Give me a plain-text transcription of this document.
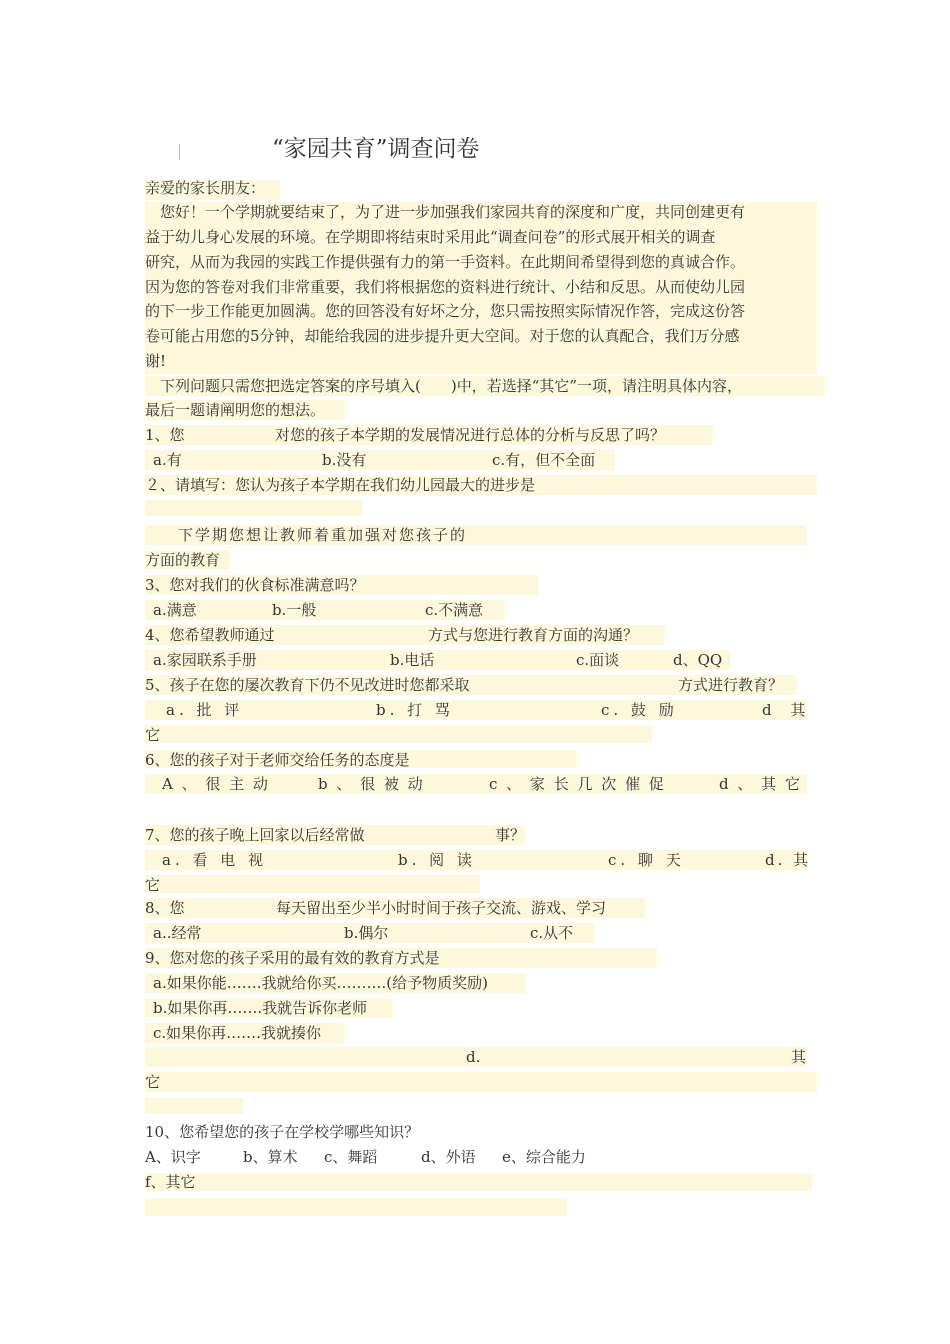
“家园共育”调查问卷
亲爱的家长朋友：
　您好！一个学期就要结束了，为了进一步加强我们家园共育的深度和广度，共同创建更有
益于幼儿身心发展的环境。在学期即将结束时采用此“调查问卷”的形式展开相关的调查
研究，从而为我园的实践工作提供强有力的第一手资料。在此期间希望得到您的真诚合作。
因为您的答卷对我们非常重要，我们将根据您的资料进行统计、小结和反思。从而使幼儿园
的下一步工作能更加圆满。您的回答没有好坏之分，您只需按照实际情况作答，完成这份答
卷可能占用您的5分钟，却能给我园的进步提升更大空间。对于您的认真配合，我们万分感
谢!
　下列问题只需您把选定答案的序号填入(　　)中，若选择“其它”一项，请注明具体内容，
最后一题请阐明您的想法。
1、您	对您的孩子本学期的发展情况进行总体的分析与反思了吗？
a.有	b.没有	c.有，但不全面
２、请填写：您认为孩子本学期在我们幼儿园最大的进步是
下学期您想让教师着重加强对您孩子的
方面的教育
3、您对我们的伙食标准满意吗？
a.满意	b.一般	c.不满意
4、您希望教师通过	方式与您进行教育方面的沟通？
a.家园联系手册	b.电话	c.面谈	d、QQ
5、孩子在您的屡次教育下仍不见改进时您都采取	方式进行教育？
a. 批 评	b. 打 骂	c. 鼓 励	d 其
它
6、您的孩子对于老师交给任务的态度是
A 、 很 主 动	b 、 很 被 动	c 、 家 长 几 次 催 促	d 、 其 它
7、您的孩子晚上回家以后经常做	事？
a. 看 电 视	b. 阅 读	c. 聊 天	d. 其
它
8、您	每天留出至少半小时时间于孩子交流、游戏、学习
a..经常	b.偶尔	c.从不
9、您对您的孩子采用的最有效的教育方式是
a.如果你能…….我就给你买……….(给予物质奖励)
b.如果你再…….我就告诉你老师
c.如果你再…….我就揍你
d.	其
它
10、您希望您的孩子在学校学哪些知识？
A、识字	b、算术 c、舞蹈	d、外语 e、综合能力
f、其它
